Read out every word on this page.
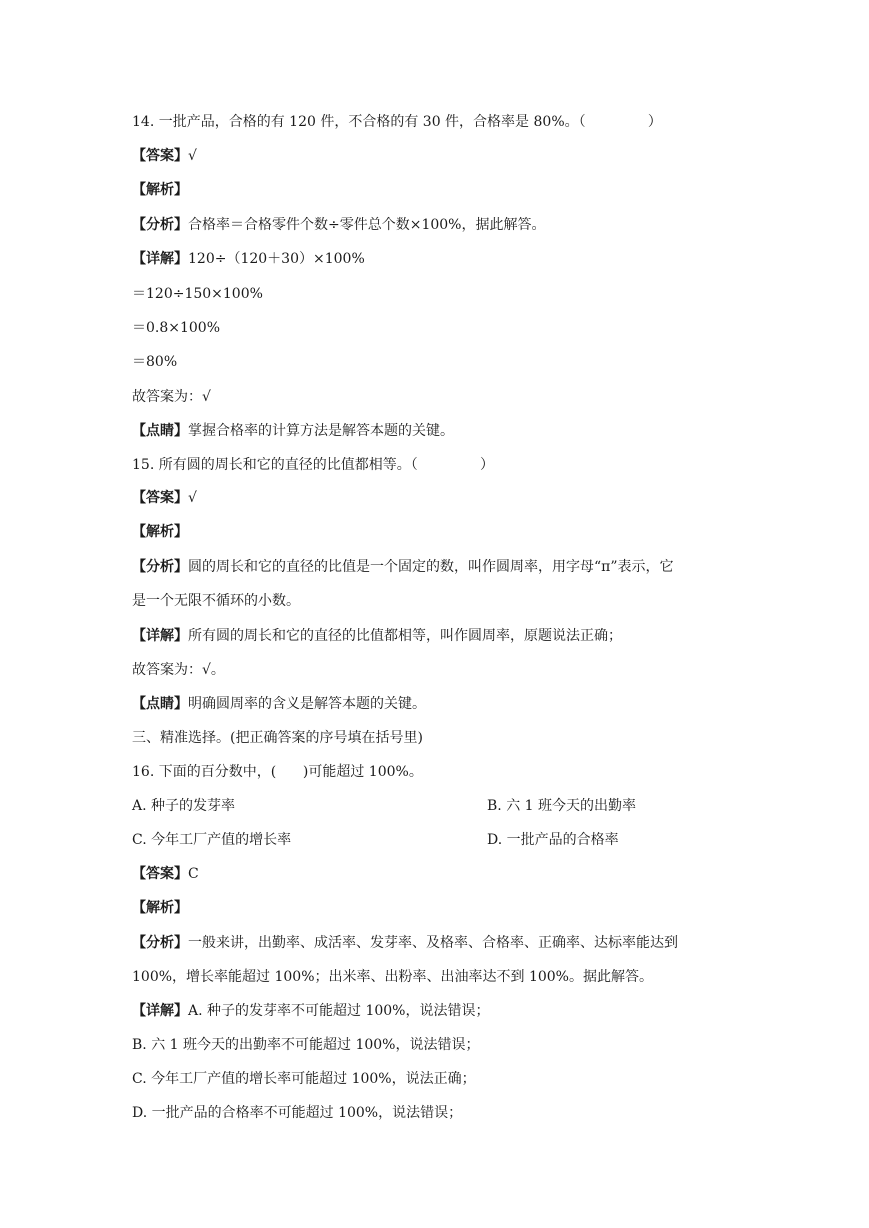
14. 一批产品，合格的有 120 件，不合格的有 30 件，合格率是 80%。（              ）
【答案】√
【解析】
【分析】合格率＝合格零件个数÷零件总个数×100%，据此解答。
【详解】120÷（120＋30）×100%
＝120÷150×100%
＝0.8×100%
＝80%
故答案为：√
【点睛】掌握合格率的计算方法是解答本题的关键。
15. 所有圆的周长和它的直径的比值都相等。（              ）
【答案】√
【解析】
【分析】圆的周长和它的直径的比值是一个固定的数，叫作圆周率，用字母“π”表示，它
是一个无限不循环的小数。
【详解】所有圆的周长和它的直径的比值都相等，叫作圆周率，原题说法正确；
故答案为：√。
【点睛】明确圆周率的含义是解答本题的关键。
三、精准选择。(把正确答案的序号填在括号里)
16. 下面的百分数中，(      )可能超过 100%。
A. 种子的发芽率	B. 六 1 班今天的出勤率
C. 今年工厂产值的增长率	D. 一批产品的合格率
【答案】C
【解析】
【分析】一般来讲，出勤率、成活率、发芽率、及格率、合格率、正确率、达标率能达到
100%，增长率能超过 100%；出米率、出粉率、出油率达不到 100%。据此解答。
【详解】A. 种子的发芽率不可能超过 100%，说法错误；
B. 六 1 班今天的出勤率不可能超过 100%，说法错误；
C. 今年工厂产值的增长率可能超过 100%，说法正确；
D. 一批产品的合格率不可能超过 100%，说法错误；
